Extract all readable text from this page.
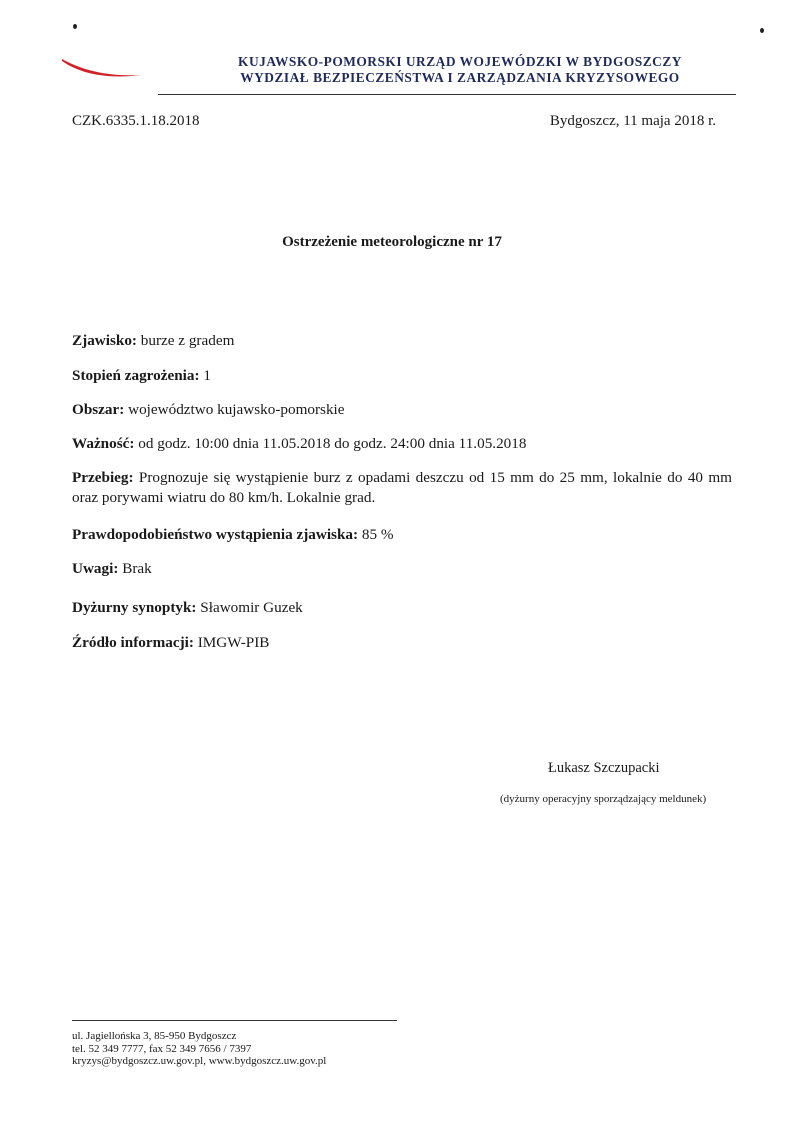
KUJAWSKO-POMORSKI URZĄD WOJEWÓDZKI W BYDGOSZCZY
WYDZIAŁ BEZPIECZEŃSTWA I ZARZĄDZANIA KRYZYSOWEGO
CZK.6335.1.18.2018	Bydgoszcz, 11 maja 2018 r.
Ostrzeżenie meteorologiczne nr 17
Zjawisko: burze z gradem
Stopień zagrożenia: 1
Obszar: województwo kujawsko-pomorskie
Ważność: od godz. 10:00 dnia 11.05.2018 do godz. 24:00 dnia 11.05.2018
Przebieg: Prognozuje się wystąpienie burz z opadami deszczu od 15 mm do 25 mm, lokalnie do 40 mm oraz porywami wiatru do 80 km/h. Lokalnie grad.
Prawdopodobieństwo wystąpienia zjawiska: 85 %
Uwagi: Brak
Dyżurny synoptyk: Sławomir Guzek
Źródło informacji: IMGW-PIB
Łukasz Szczupacki
(dyżurny operacyjny sporządzający meldunek)
ul. Jagiellońska 3, 85-950 Bydgoszcz
tel. 52 349 7777, fax 52 349 7656 / 7397
kryzys@bydgoszcz.uw.gov.pl, www.bydgoszcz.uw.gov.pl
